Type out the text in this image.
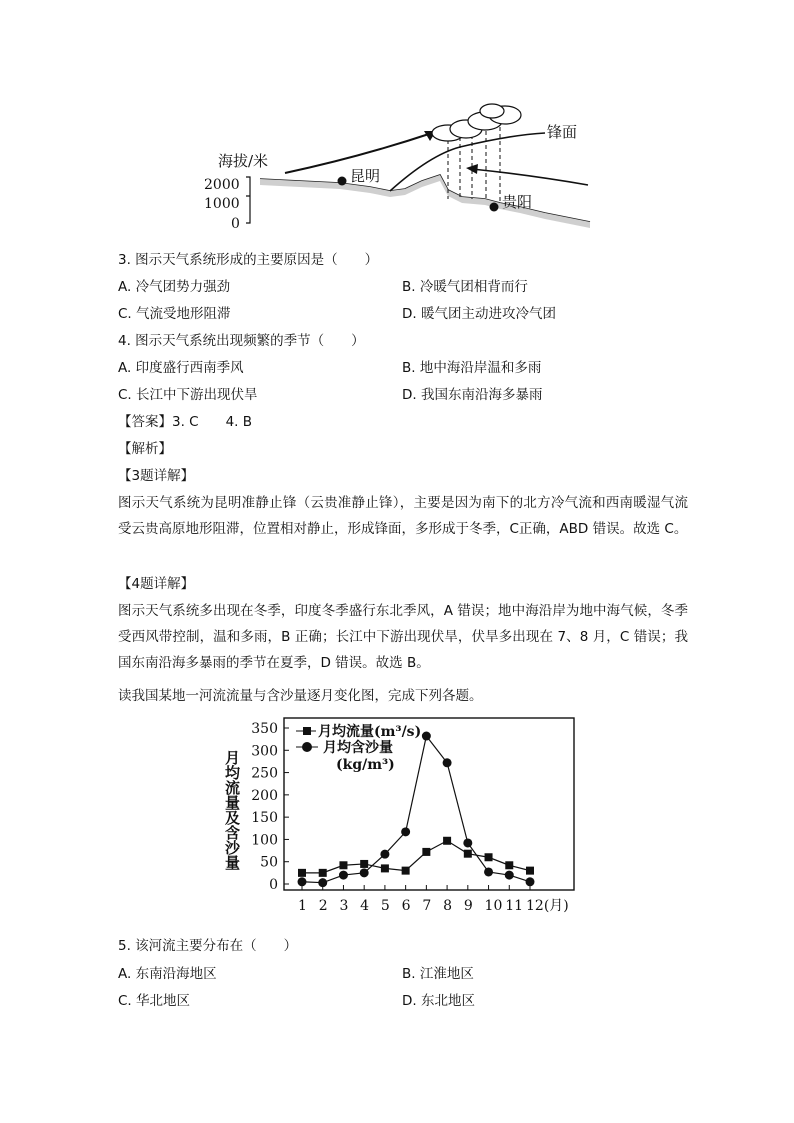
海拔/米
2000
1000
0
锋面
昆明
贵阳
3. 图示天气系统形成的主要原因是（　　）
A. 冷气团势力强劲	B. 冷暖气团相背而行
C. 气流受地形阻滞	D. 暖气团主动进攻冷气团
4. 图示天气系统出现频繁的季节（　　）
A. 印度盛行西南季风	B. 地中海沿岸温和多雨
C. 长江中下游出现伏旱	D. 我国东南沿海多暴雨
【答案】3. C　　4. B
【解析】
【3题详解】
图示天气系统为昆明准静止锋（云贵准静止锋），主要是因为南下的北方冷气流和西南暖湿气流受云贵高原地形阻滞，位置相对静止，形成锋面，多形成于冬季，C正确，ABD 错误。故选 C。
【4题详解】
图示天气系统多出现在冬季，印度冬季盛行东北季风，A 错误；地中海沿岸为地中海气候，冬季受西风带控制，温和多雨，B 正确；长江中下游出现伏旱，伏旱多出现在 7、8 月，C 错误；我国东南沿海多暴雨的季节在夏季，D 错误。故选 B。
读我国某地一河流流量与含沙量逐月变化图，完成下列各题。
月均流量及含沙量
0
50
100
150
200
250
300
350
1 2 3 4 5 6 7 8 9 10 11 12(月)
月均流量(m³/s)
月均含沙量
(kg/m³)
5. 该河流主要分布在（　　）
A. 东南沿海地区	B. 江淮地区
C. 华北地区	D. 东北地区
